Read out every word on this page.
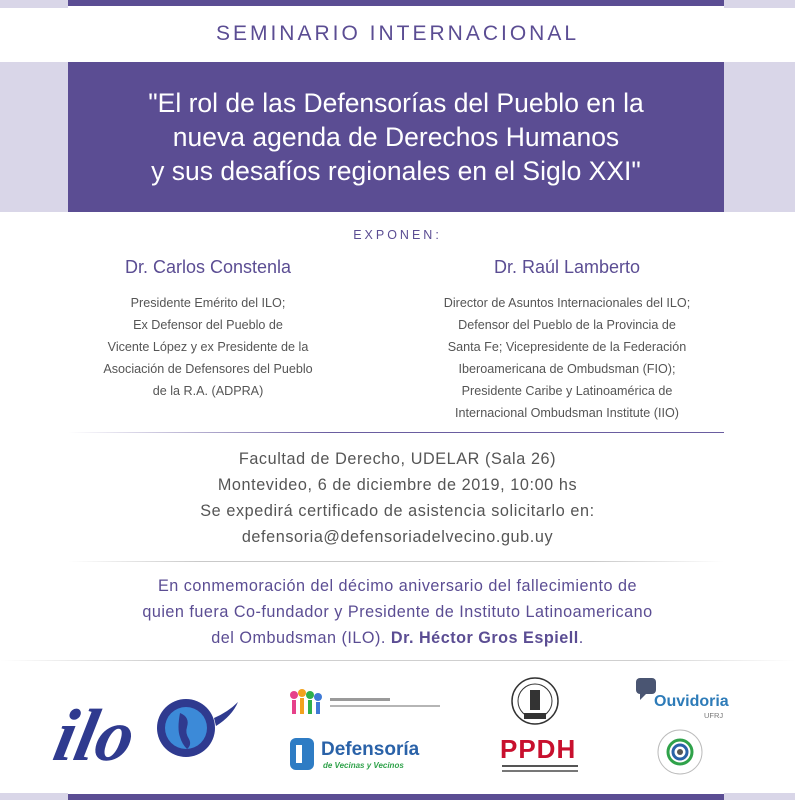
SEMINARIO INTERNACIONAL
"El rol de las Defensorías del Pueblo en la
nueva agenda de Derechos Humanos
y sus desafíos regionales en el Siglo XXI"
EXPONEN:
Dr. Carlos Constenla
Presidente Emérito del ILO;
Ex Defensor del Pueblo de
Vicente López y ex Presidente de la
Asociación de Defensores del Pueblo
de la R.A. (ADPRA)
Dr. Raúl Lamberto
Director de Asuntos Internacionales del ILO;
Defensor del Pueblo de la Provincia de
Santa Fe; Vicepresidente de la Federación
Iberoamericana de Ombudsman (FIO);
Presidente Caribe y Latinoamérica de
Internacional Ombudsman Institute (IIO)
Facultad de Derecho, UDELAR (Sala 26)
Montevideo, 6 de diciembre de 2019, 10:00 hs
Se expedirá certificado de asistencia solicitarlo en:
defensoria@defensoriadelvecino.gub.uy
En conmemoración del décimo aniversario del fallecimiento de
quien fuera Co-fundador y Presidente de Instituto Latinoamericano
del Ombudsman (ILO). Dr. Héctor Gros Espiell.
ilo	Ouvidoria
UFRJ
Defensoría
de Vecinas y Vecinos
PPDH
